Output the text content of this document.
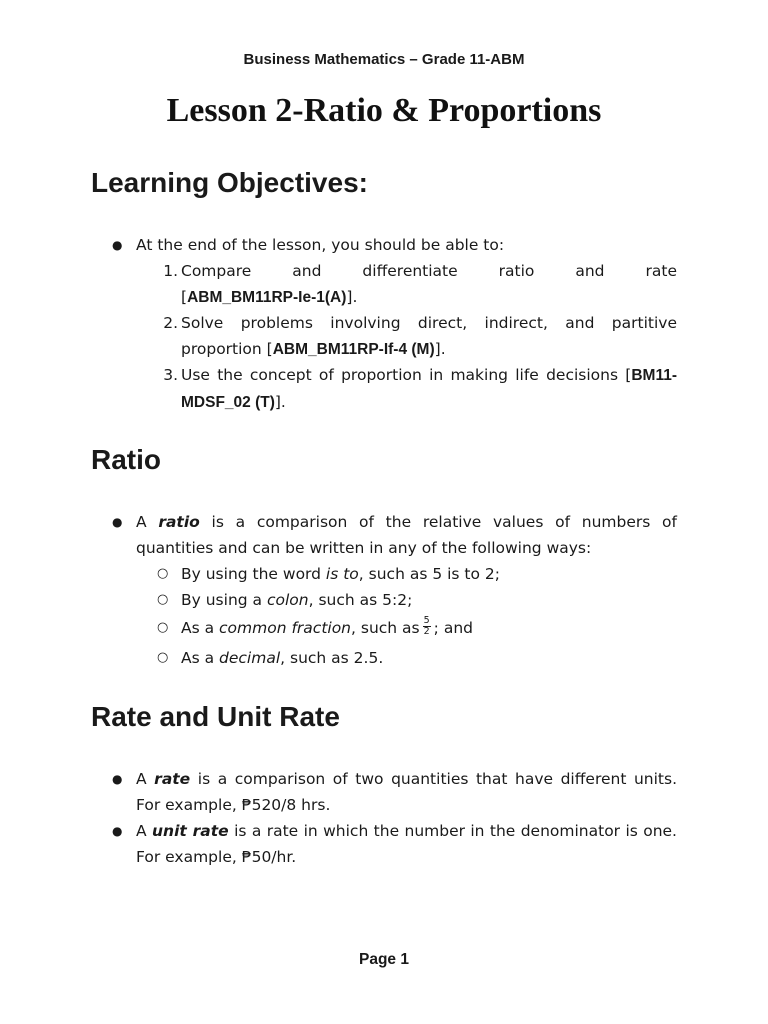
Business Mathematics – Grade 11-ABM
Lesson 2-Ratio & Proportions
Learning Objectives:
● At the end of the lesson, you should be able to:
1. Compare and differentiate ratio and rate
[ABM_BM11RP-Ie-1(A)].
2. Solve problems involving direct, indirect, and partitive proportion [ABM_BM11RP-If-4 (M)].
3. Use the concept of proportion in making life decisions [BM11-MDSF_02 (T)].
Ratio
● A ratio is a comparison of the relative values of numbers of quantities and can be written in any of the following ways:
○ By using the word is to, such as 5 is to 2;
○ By using a colon, such as 5:2;
○ As a common fraction, such as $\frac{5}{2}$ ; and
○ As a decimal, such as 2.5.
Rate and Unit Rate
● A rate is a comparison of two quantities that have different units. For example, ₱520/8 hrs.
● A unit rate is a rate in which the number in the denominator is one. For example, ₱50/hr.
Page 1
